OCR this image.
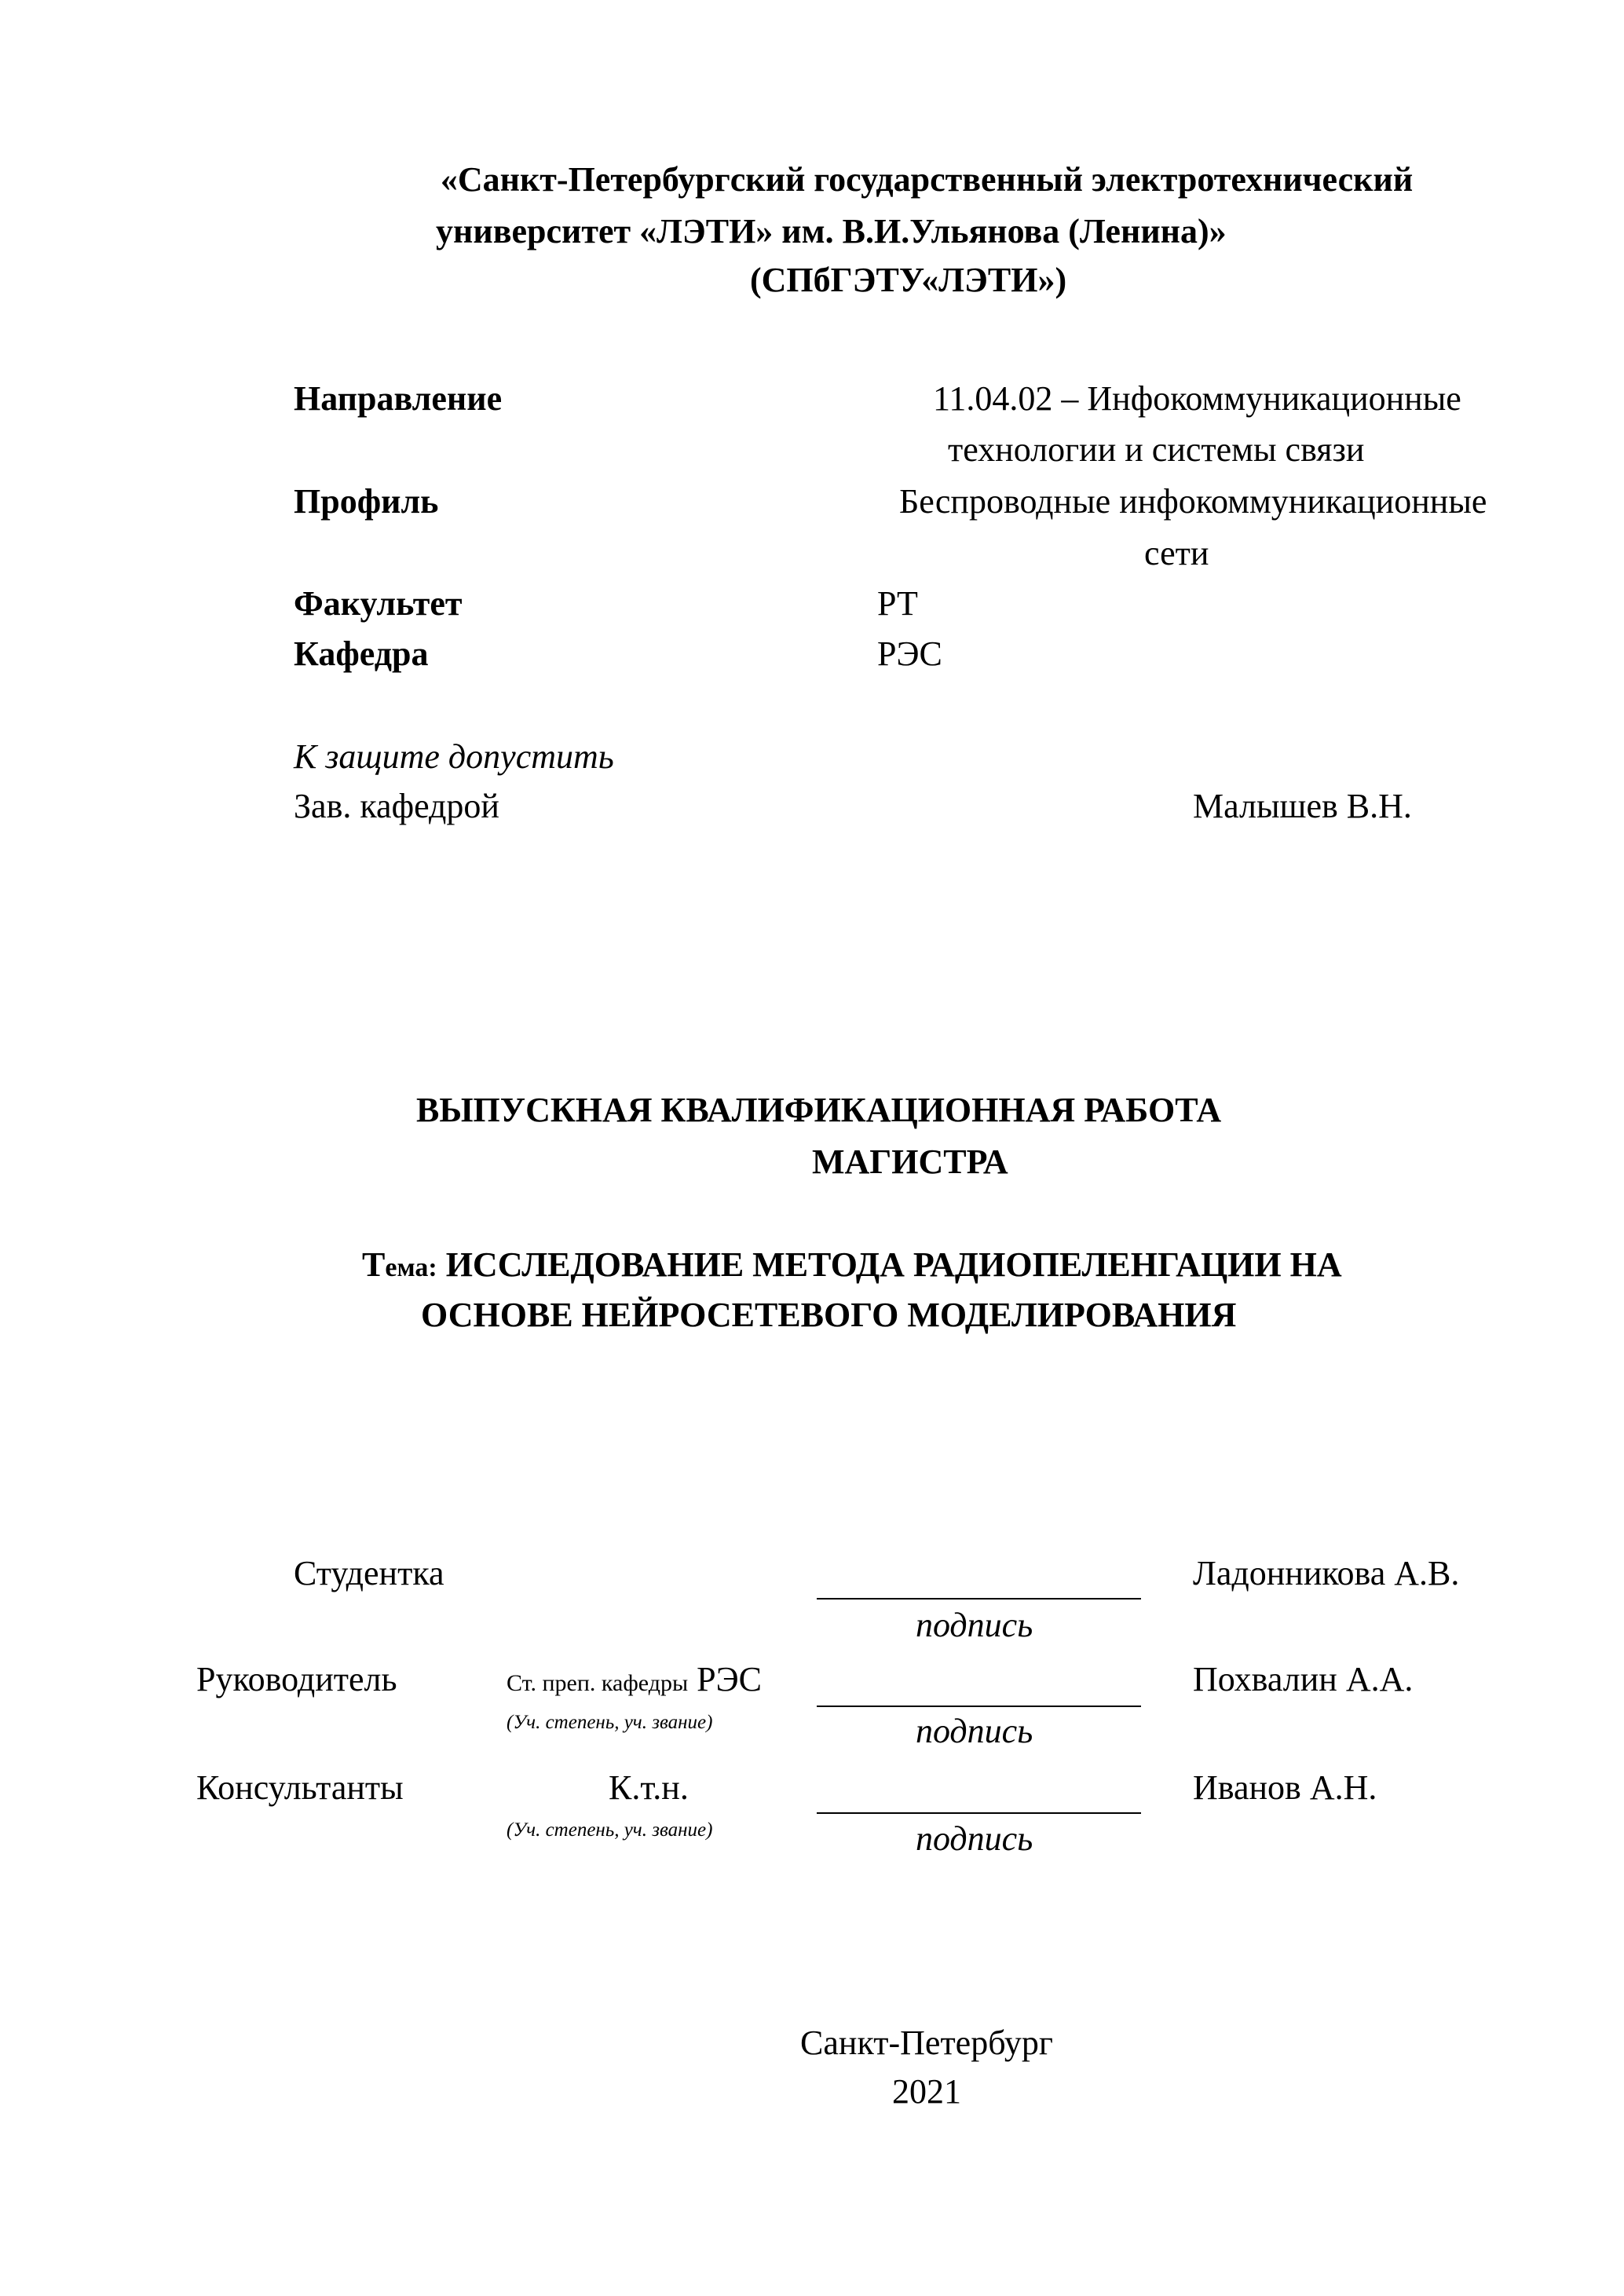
«Санкт-Петербургский государственный электротехнический
университет «ЛЭТИ» им. В.И.Ульянова (Ленина)»
(СПбГЭТУ«ЛЭТИ»)
Направление	11.04.02 – Инфокоммуникационные
технологии и системы связи
Профиль	Беспроводные инфокоммуникационные
сети
Факультет	РТ
Кафедра	РЭС
К защите допустить
Зав. кафедрой	Малышев В.Н.
ВЫПУСКНАЯ КВАЛИФИКАЦИОННАЯ РАБОТА
МАГИСТРА
Тема: ИССЛЕДОВАНИЕ МЕТОДА РАДИОПЕЛЕНГАЦИИ НА
ОСНОВЕ НЕЙРОСЕТЕВОГО МОДЕЛИРОВАНИЯ
Студентка	Ладонникова А.В.
подпись
Руководитель	Ст. преп. кафедры РЭС	Похвалин А.А.
(Уч. степень, уч. звание)	подпись
Консультанты	К.т.н.	Иванов А.Н.
(Уч. степень, уч. звание)	подпись
Санкт-Петербург
2021
